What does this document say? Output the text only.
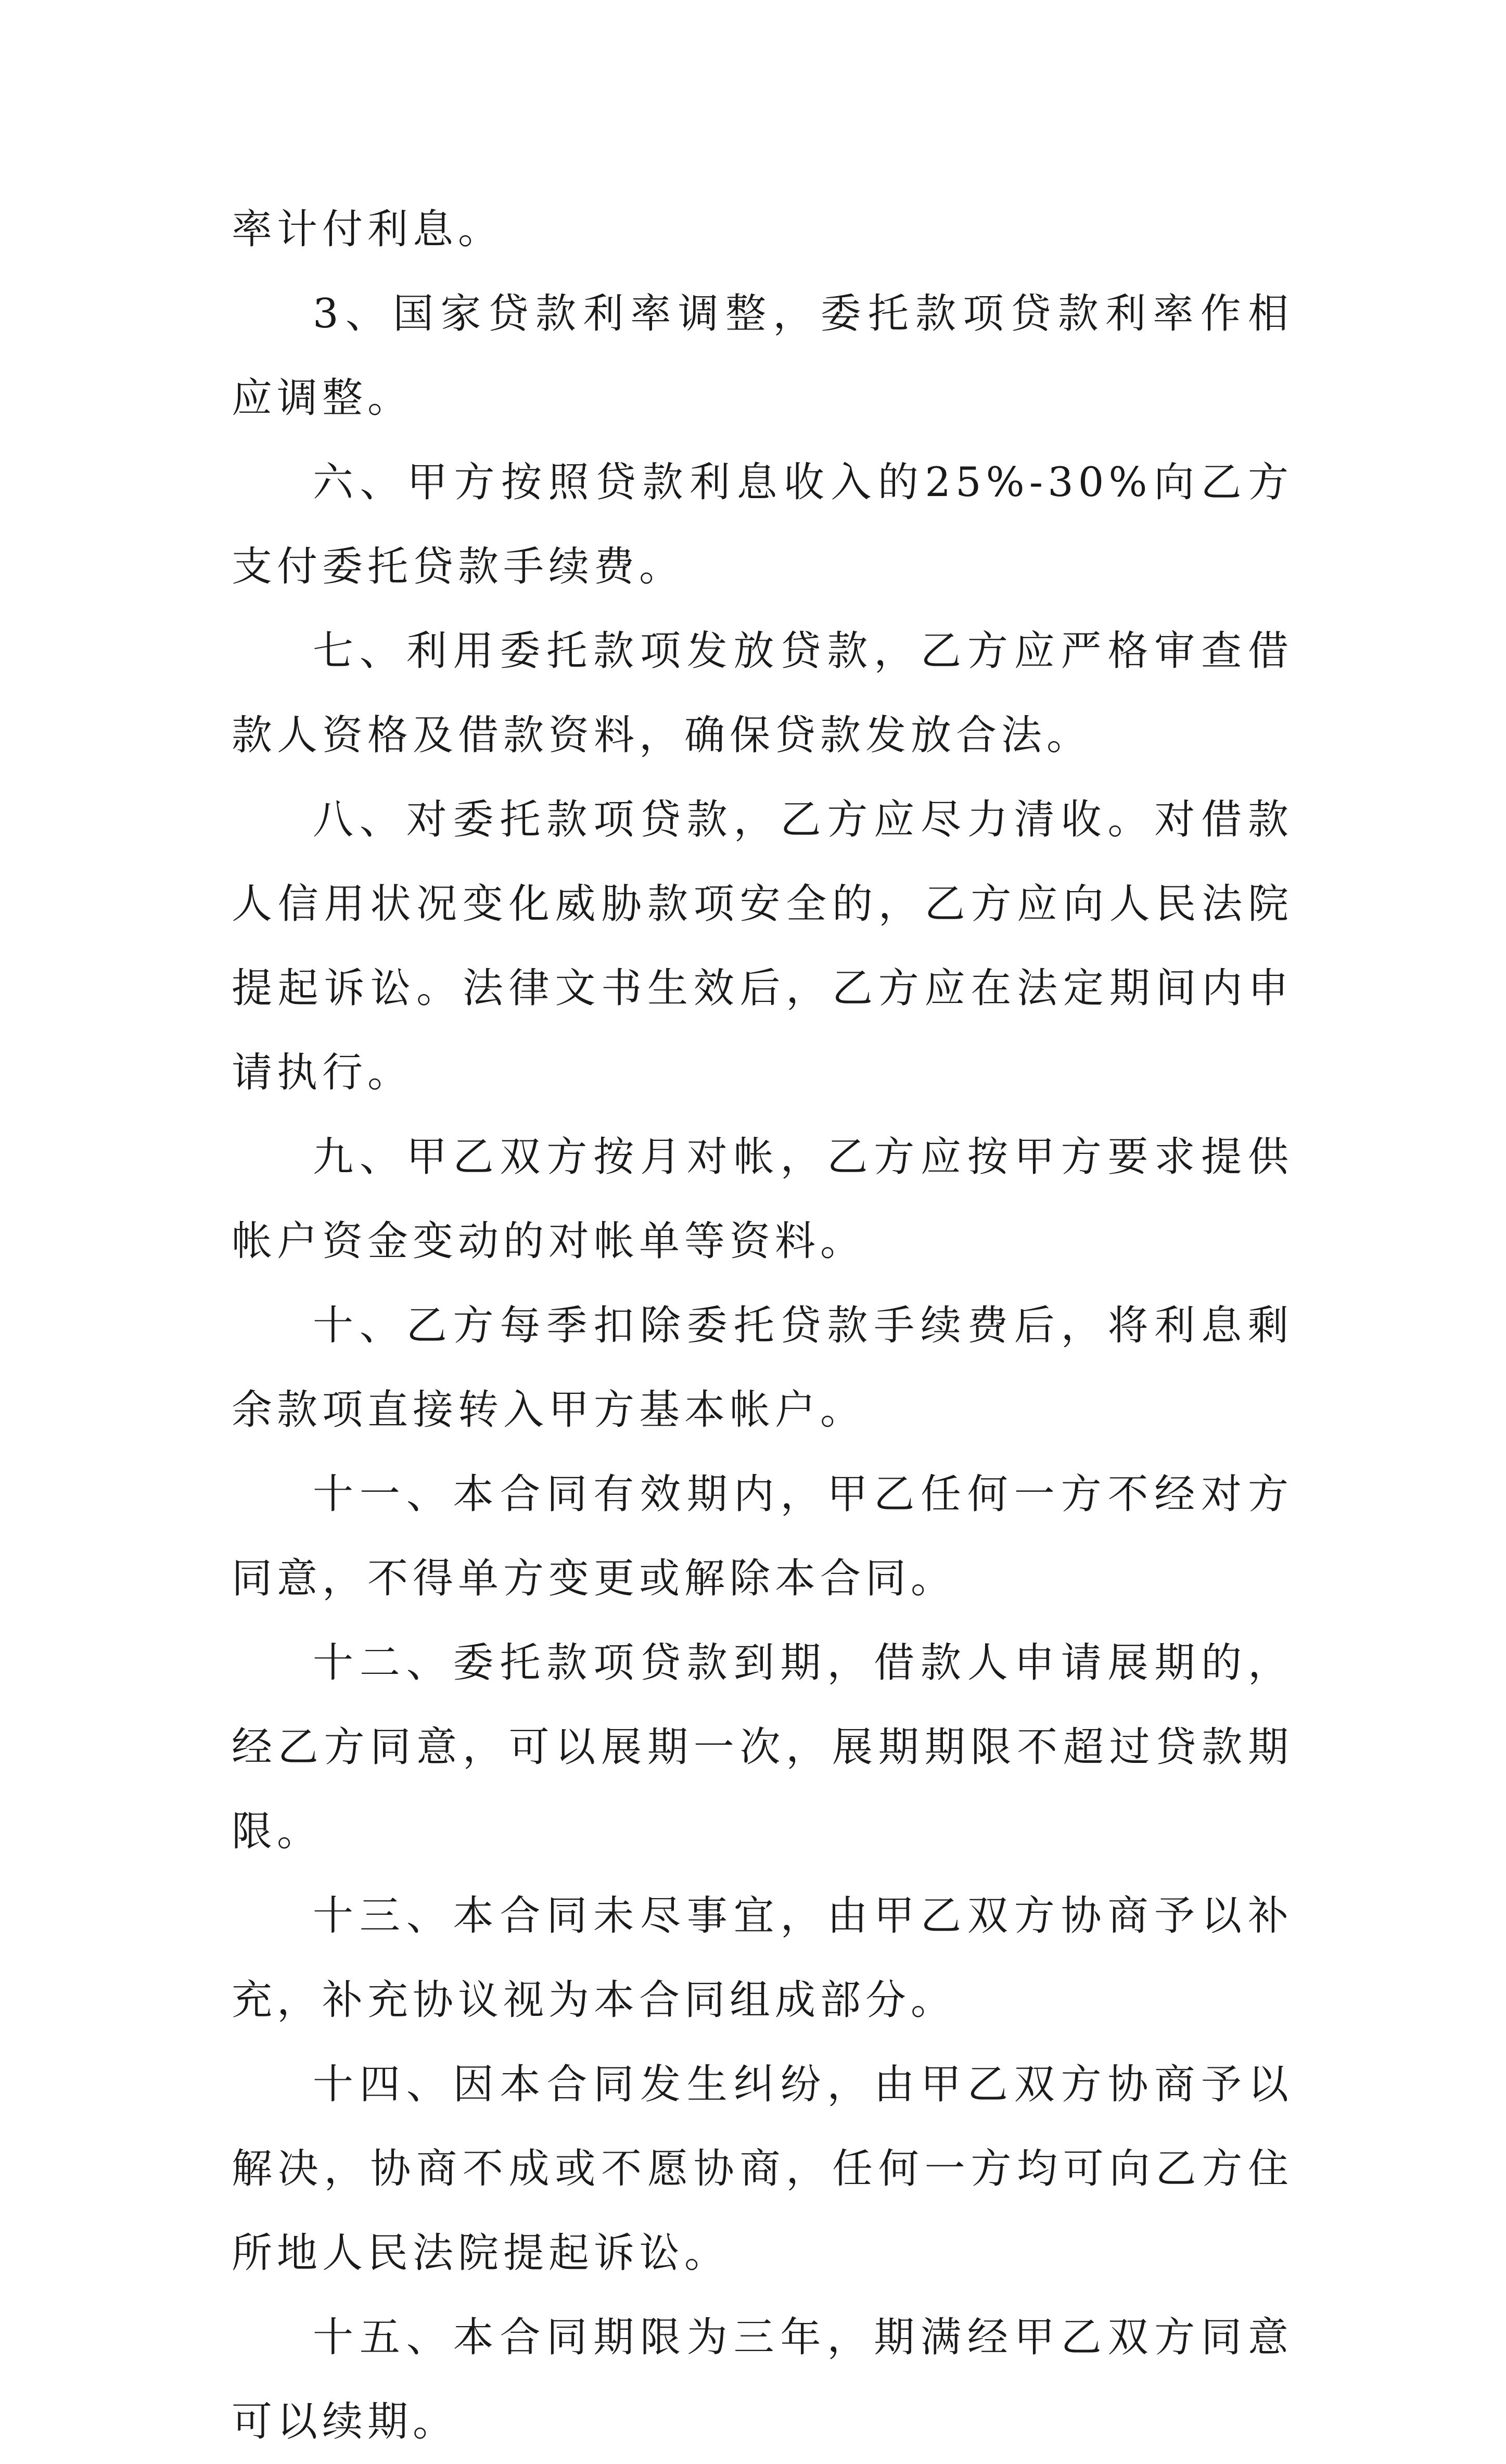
率计付利息。

3、国家贷款利率调整，委托款项贷款利率作相应调整。

六、甲方按照贷款利息收入的25%-30%向乙方支付委托贷款手续费。

七、利用委托款项发放贷款，乙方应严格审查借款人资格及借款资料，确保贷款发放合法。

八、对委托款项贷款，乙方应尽力清收。对借款人信用状况变化威胁款项安全的，乙方应向人民法院提起诉讼。法律文书生效后，乙方应在法定期间内申请执行。

九、甲乙双方按月对帐，乙方应按甲方要求提供帐户资金变动的对帐单等资料。

十、乙方每季扣除委托贷款手续费后，将利息剩余款项直接转入甲方基本帐户。

十一、本合同有效期内，甲乙任何一方不经对方同意，不得单方变更或解除本合同。

十二、委托款项贷款到期，借款人申请展期的，经乙方同意，可以展期一次，展期期限不超过贷款期限。

十三、本合同未尽事宜，由甲乙双方协商予以补充，补充协议视为本合同组成部分。

十四、因本合同发生纠纷，由甲乙双方协商予以解决，协商不成或不愿协商，任何一方均可向乙方住所地人民法院提起诉讼。

十五、本合同期限为三年，期满经甲乙双方同意可以续期。
